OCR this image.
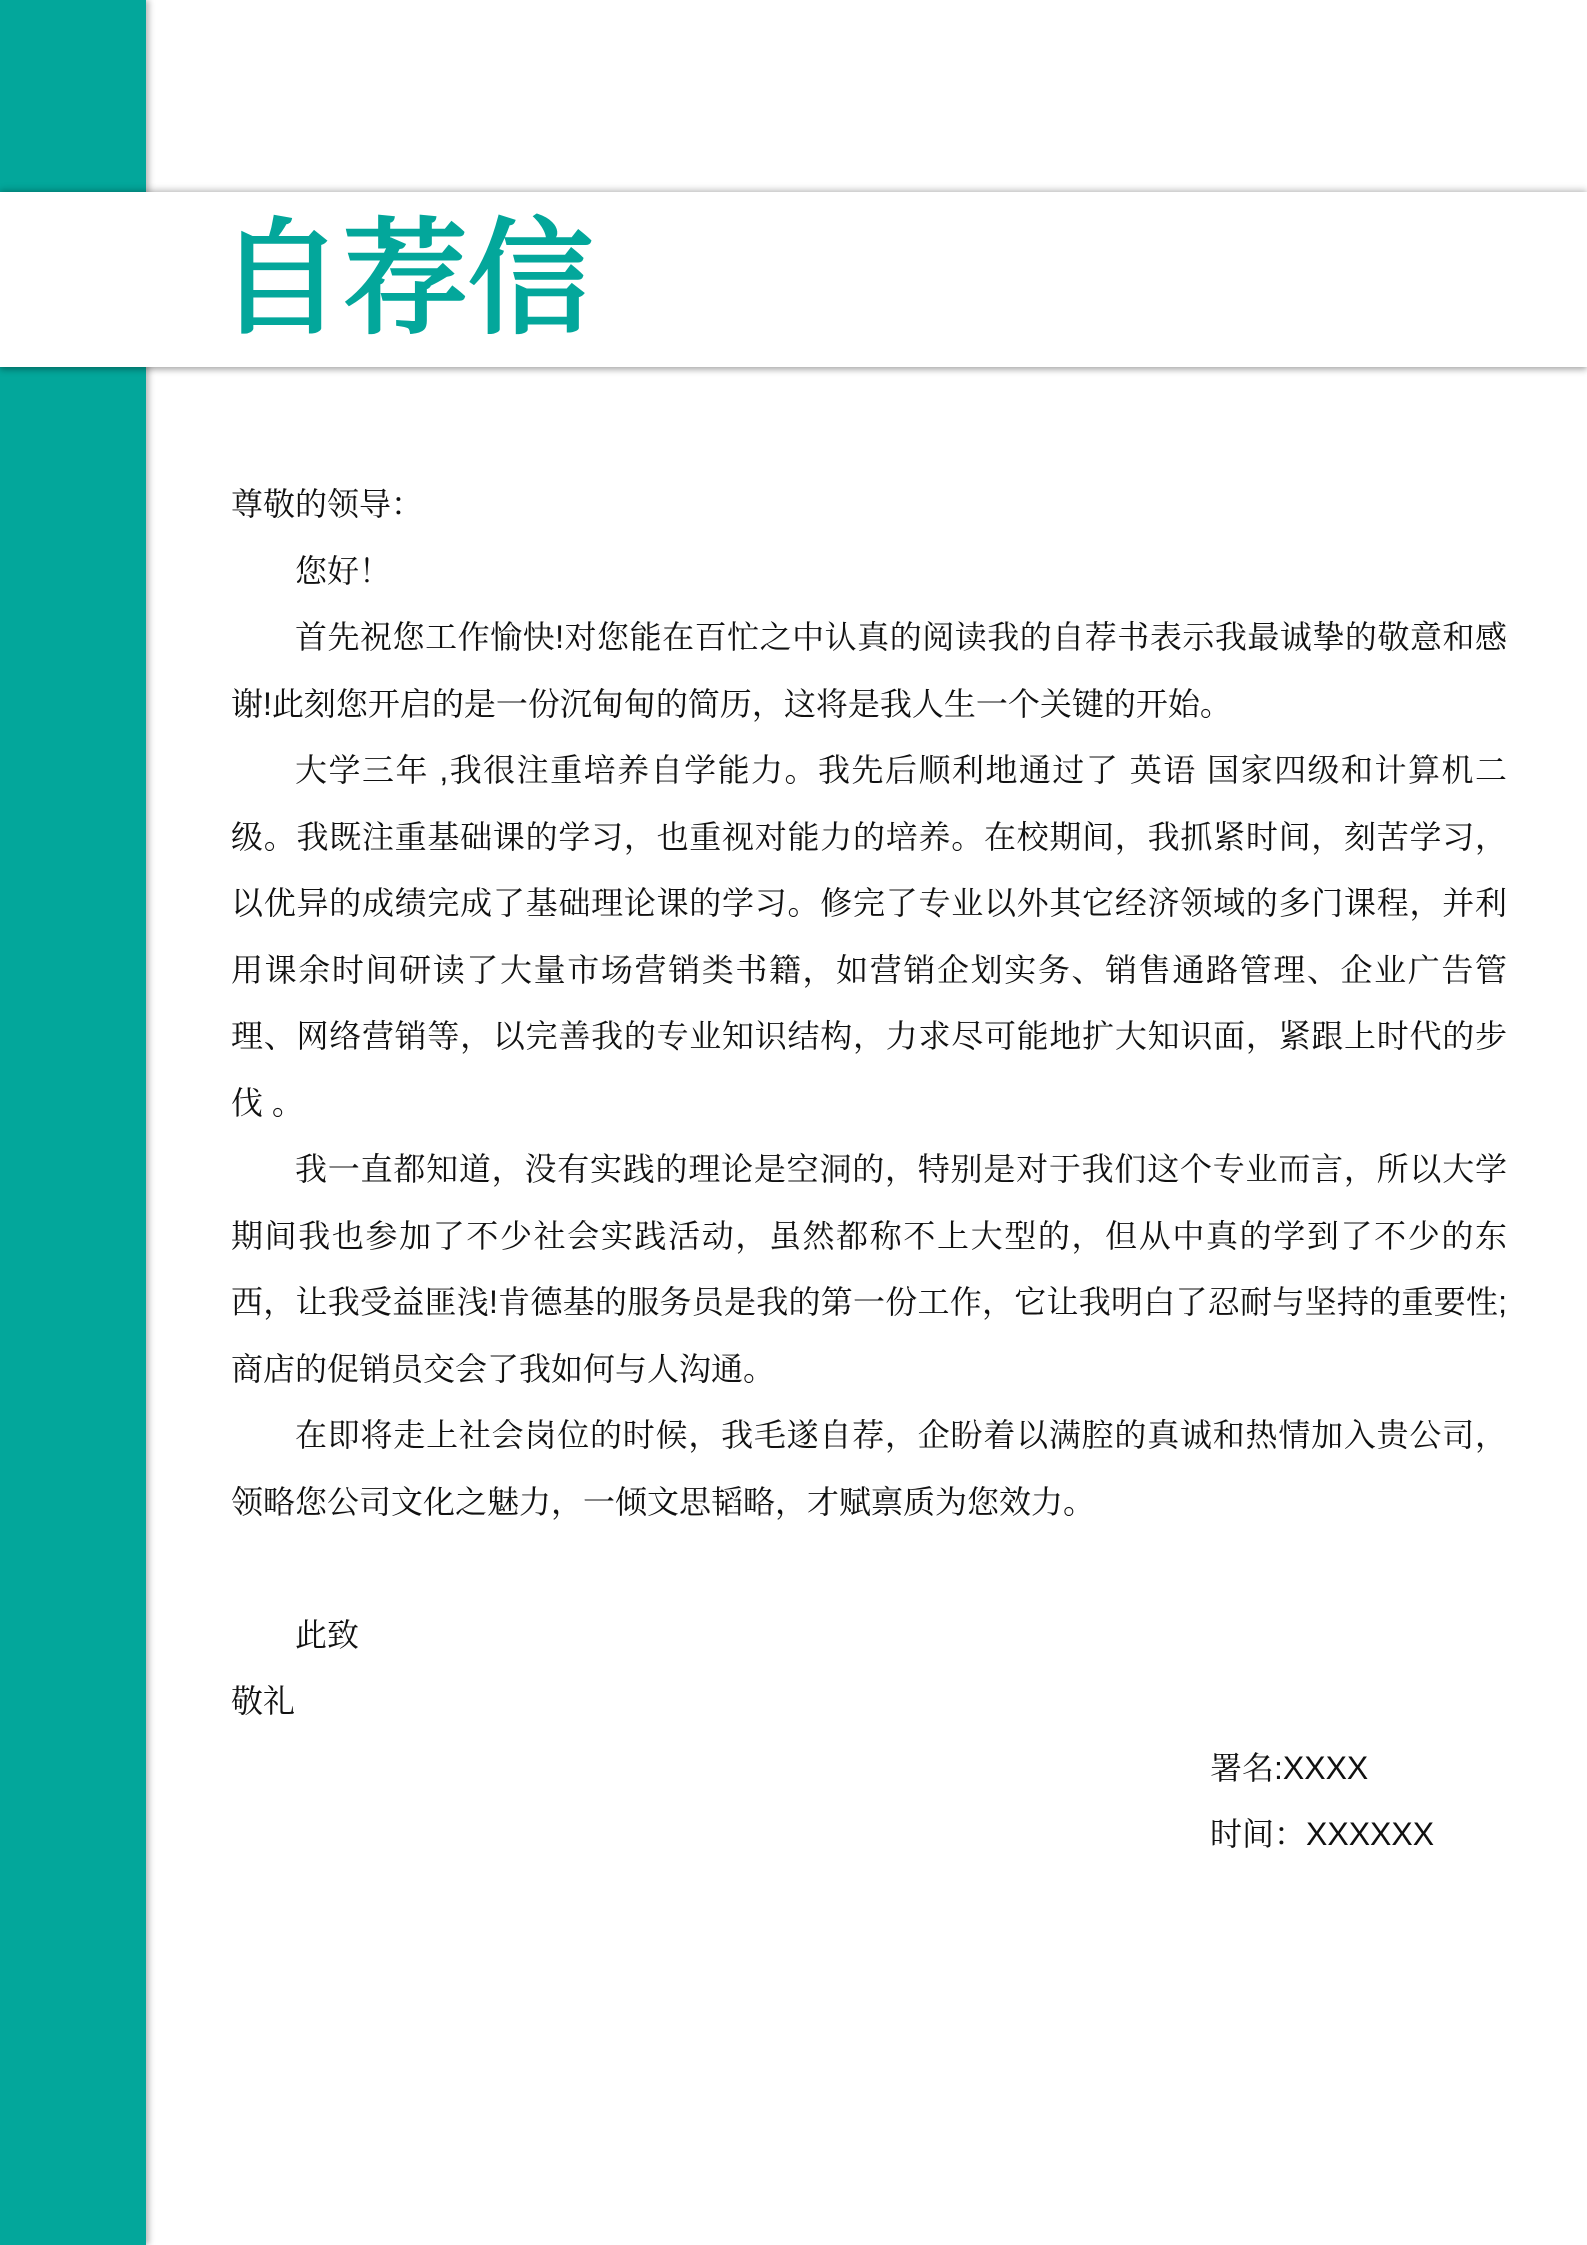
自荐信

尊敬的领导：

您好！

首先祝您工作愉快!对您能在百忙之中认真的阅读我的自荐书表示我最诚挚的敬意和感谢!此刻您开启的是一份沉甸甸的简历，这将是我人生一个关键的开始。

大学三年 ,我很注重培养自学能力。我先后顺利地通过了 英语 国家四级和计算机二级。我既注重基础课的学习，也重视对能力的培养。在校期间，我抓紧时间，刻苦学习，以优异的成绩完成了基础理论课的学习。修完了专业以外其它经济领域的多门课程，并利用课余时间研读了大量市场营销类书籍，如营销企划实务、销售通路管理、企业广告管理、网络营销等，以完善我的专业知识结构，力求尽可能地扩大知识面，紧跟上时代的步伐 。

我一直都知道，没有实践的理论是空洞的，特别是对于我们这个专业而言，所以大学期间我也参加了不少社会实践活动，虽然都称不上大型的，但从中真的学到了不少的东西，让我受益匪浅!肯德基的服务员是我的第一份工作，它让我明白了忍耐与坚持的重要性;商店的促销员交会了我如何与人沟通。

在即将走上社会岗位的时候，我毛遂自荐，企盼着以满腔的真诚和热情加入贵公司，领略您公司文化之魅力，一倾文思韬略，才赋禀质为您效力。

此致

敬礼

署名:XXXX

时间：XXXXXX
